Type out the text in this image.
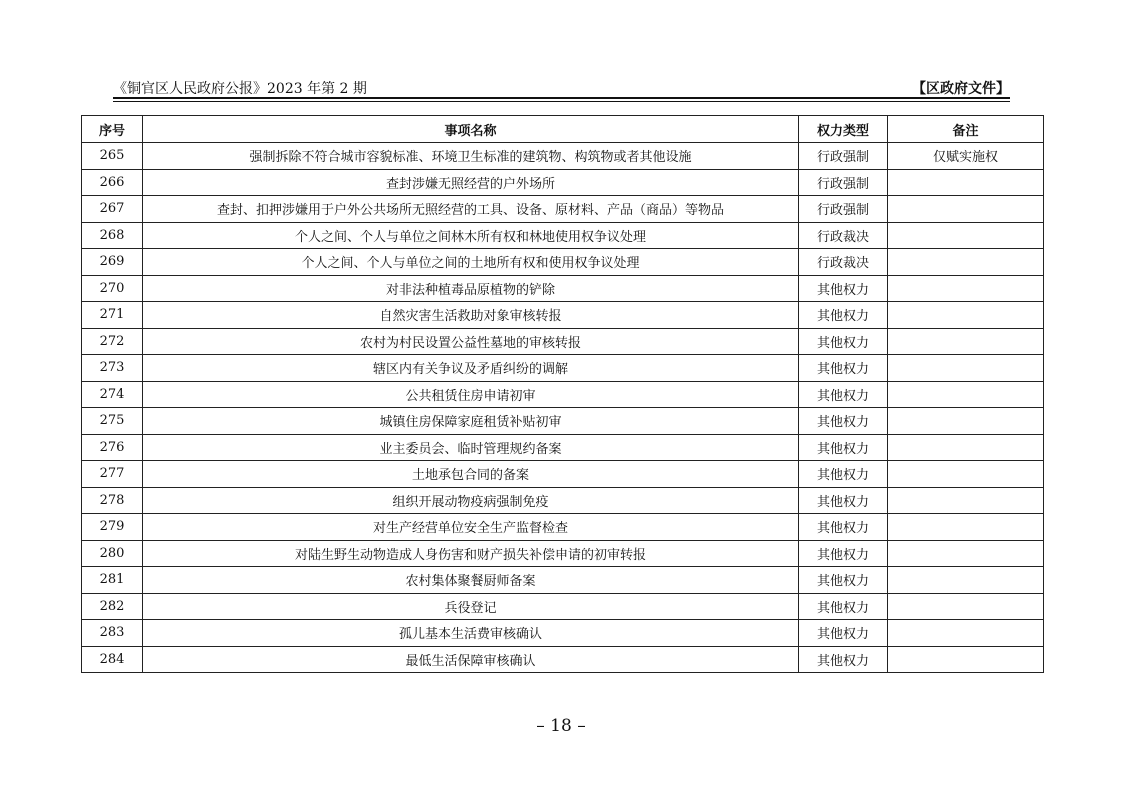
《铜官区人民政府公报》2023 年第 2 期	【区政府文件】
序号	事项名称	权力类型	备注
265	强制拆除不符合城市容貌标准、环境卫生标准的建筑物、构筑物或者其他设施	行政强制	仅赋实施权
266	查封涉嫌无照经营的户外场所	行政强制	
267	查封、扣押涉嫌用于户外公共场所无照经营的工具、设备、原材料、产品（商品）等物品	行政强制	
268	个人之间、个人与单位之间林木所有权和林地使用权争议处理	行政裁决	
269	个人之间、个人与单位之间的土地所有权和使用权争议处理	行政裁决	
270	对非法种植毒品原植物的铲除	其他权力	
271	自然灾害生活救助对象审核转报	其他权力	
272	农村为村民设置公益性墓地的审核转报	其他权力	
273	辖区内有关争议及矛盾纠纷的调解	其他权力	
274	公共租赁住房申请初审	其他权力	
275	城镇住房保障家庭租赁补贴初审	其他权力	
276	业主委员会、临时管理规约备案	其他权力	
277	土地承包合同的备案	其他权力	
278	组织开展动物疫病强制免疫	其他权力	
279	对生产经营单位安全生产监督检查	其他权力	
280	对陆生野生动物造成人身伤害和财产损失补偿申请的初审转报	其他权力	
281	农村集体聚餐厨师备案	其他权力	
282	兵役登记	其他权力	
283	孤儿基本生活费审核确认	其他权力	
284	最低生活保障审核确认	其他权力	
– 18 –
